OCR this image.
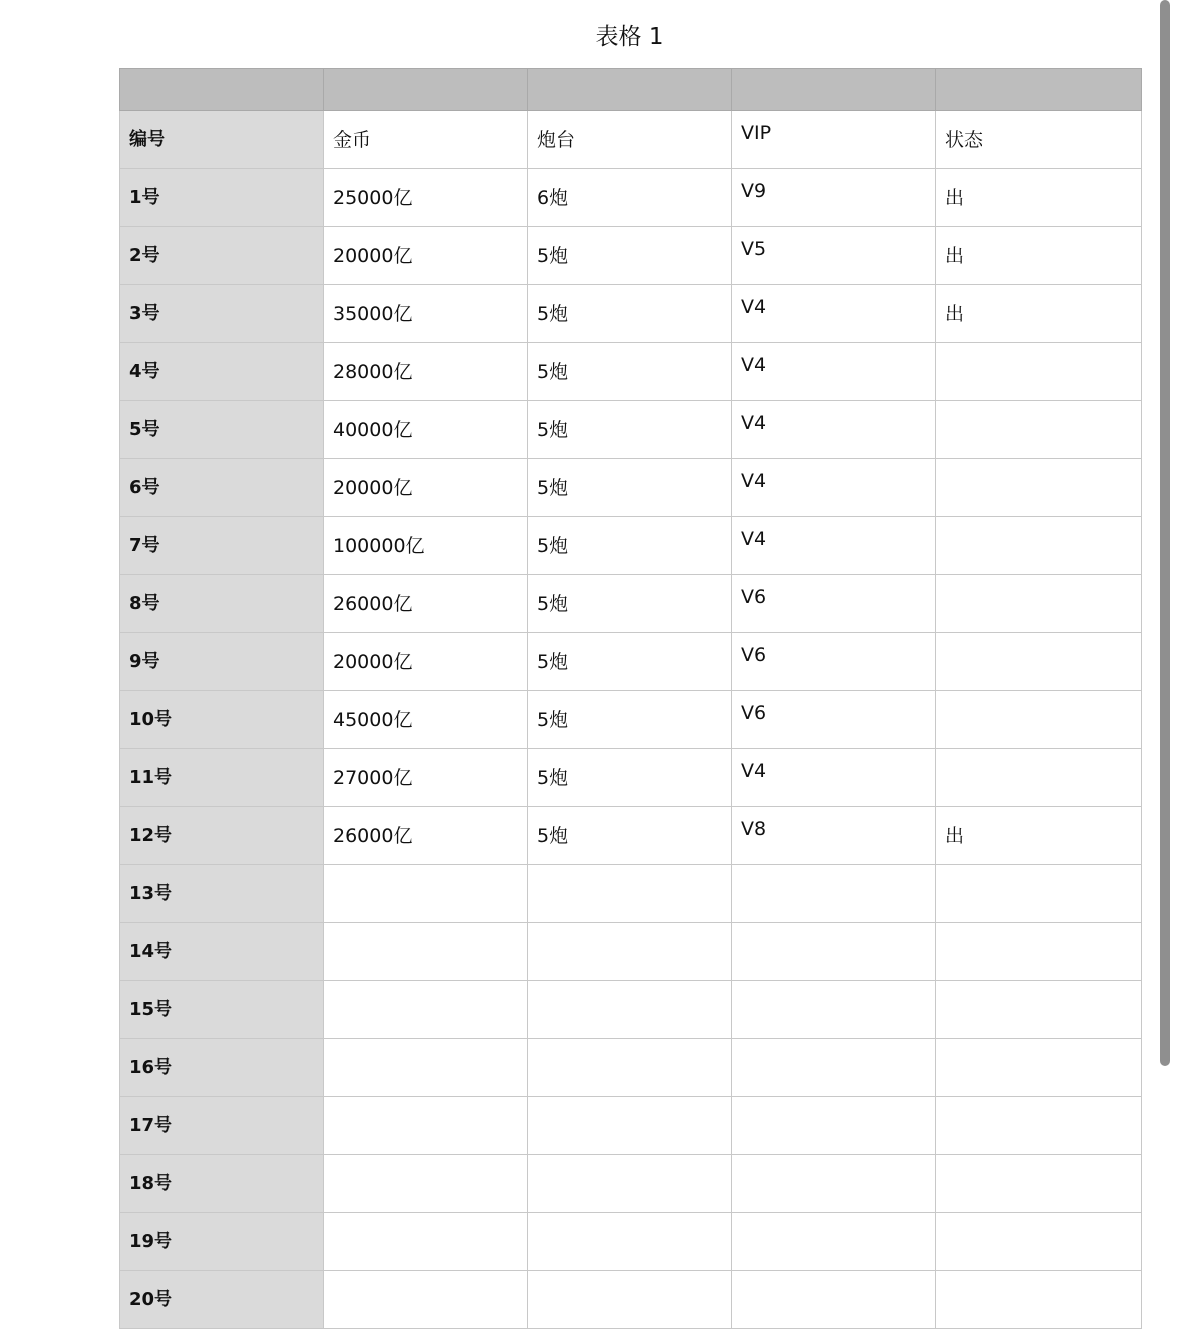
表格 1

编号	金币	炮台	VIP	状态
1号	25000亿	6炮	V9	出
2号	20000亿	5炮	V5	出
3号	35000亿	5炮	V4	出
4号	28000亿	5炮	V4	
5号	40000亿	5炮	V4	
6号	20000亿	5炮	V4	
7号	100000亿	5炮	V4	
8号	26000亿	5炮	V6	
9号	20000亿	5炮	V6	
10号	45000亿	5炮	V6	
11号	27000亿	5炮	V4	
12号	26000亿	5炮	V8	出
13号				
14号				
15号				
16号				
17号				
18号				
19号				
20号				
